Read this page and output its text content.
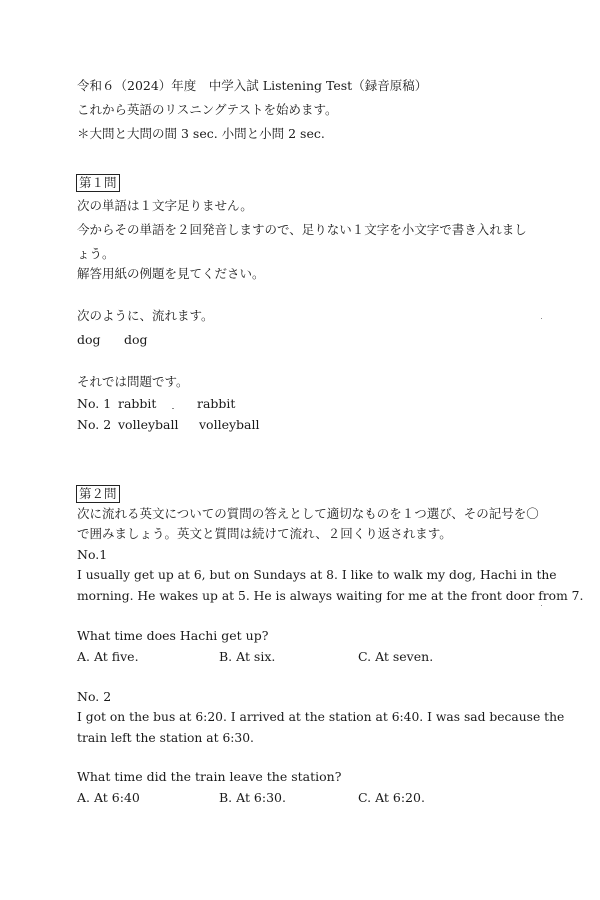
令和６（2024）年度　中学入試 Listening Test（録音原稿）
これから英語のリスニングテストを始めます。
＊大問と大問の間 3 sec. 小問と小問 2 sec.
第１問
次の単語は１文字足りません。
今からその単語を２回発音しますので、足りない１文字を小文字で書き入れまし
ょう。
解答用紙の例題を見てください。
次のように、流れます。
dog dog
それでは問題です。
No. 1 rabbit	rabbit
No. 2 volleyball volleyball
第２問
次に流れる英文についての質問の答えとして適切なものを１つ選び、その記号を〇
で囲みましょう。英文と質問は続けて流れ、２回くり返されます。
No.1
I usually get up at 6, but on Sundays at 8. I like to walk my dog, Hachi in the
morning. He wakes up at 5. He is always waiting for me at the front door from 7.
What time does Hachi get up?
A. At five.	B. At six.	C. At seven.
No. 2
I got on the bus at 6:20. I arrived at the station at 6:40. I was sad because the
train left the station at 6:30.
What time did the train leave the station?
A. At 6:40	B. At 6:30.	C. At 6:20.
